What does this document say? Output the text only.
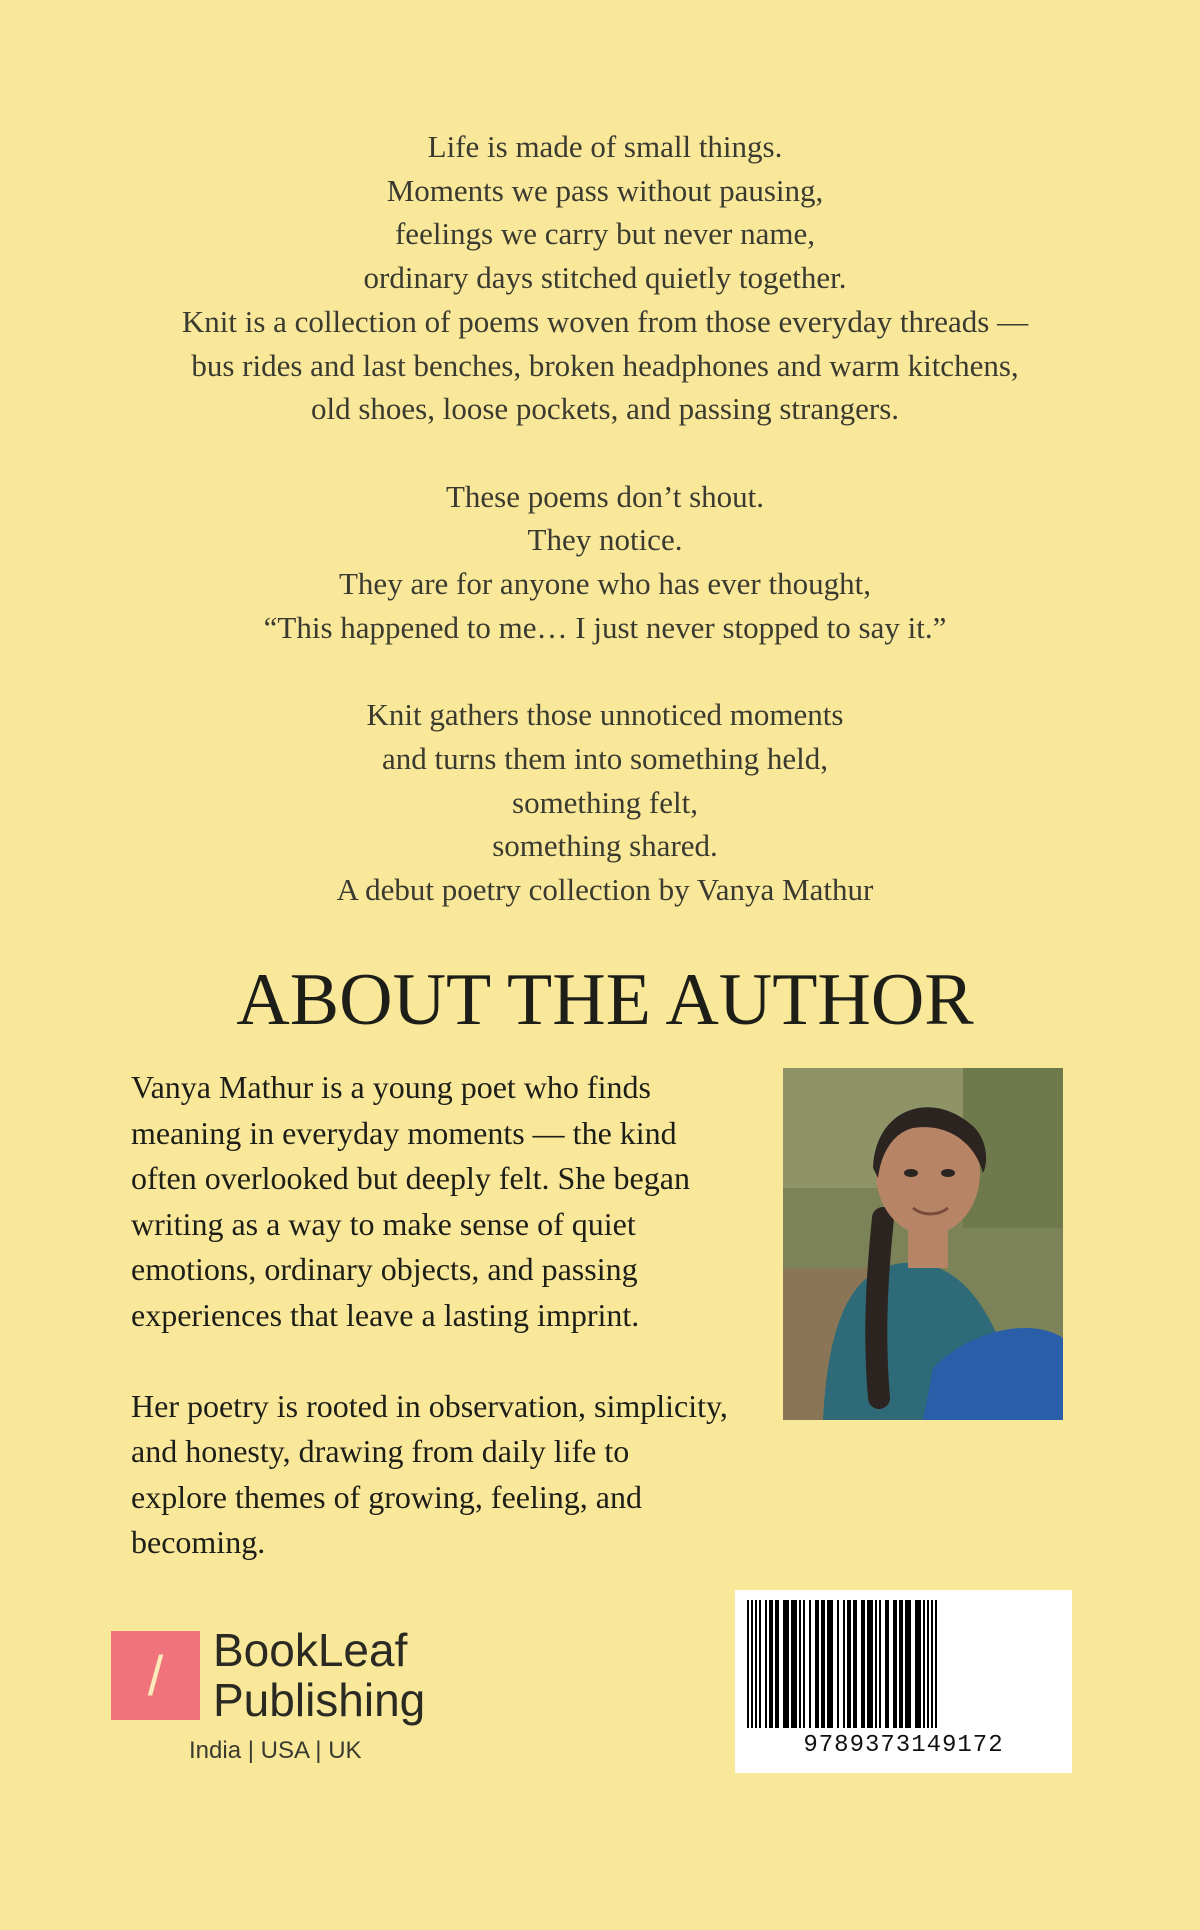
Life is made of small things.
Moments we pass without pausing,
feelings we carry but never name,
ordinary days stitched quietly together.
Knit is a collection of poems woven from those everyday threads —
bus rides and last benches, broken headphones and warm kitchens,
old shoes, loose pockets, and passing strangers.
These poems don’t shout.
They notice.
They are for anyone who has ever thought,
“This happened to me… I just never stopped to say it.”
Knit gathers those unnoticed moments
and turns them into something held,
something felt,
something shared.
A debut poetry collection by Vanya Mathur
ABOUT THE AUTHOR
Vanya Mathur is a young poet who finds
meaning in everyday moments — the kind
often overlooked but deeply felt. She began
writing as a way to make sense of quiet
emotions, ordinary objects, and passing
experiences that leave a lasting imprint.
Her poetry is rooted in observation, simplicity,
and honesty, drawing from daily life to
explore themes of growing, feeling, and
becoming.
/	BookLeaf
Publishing
India | USA | UK	9789373149172
